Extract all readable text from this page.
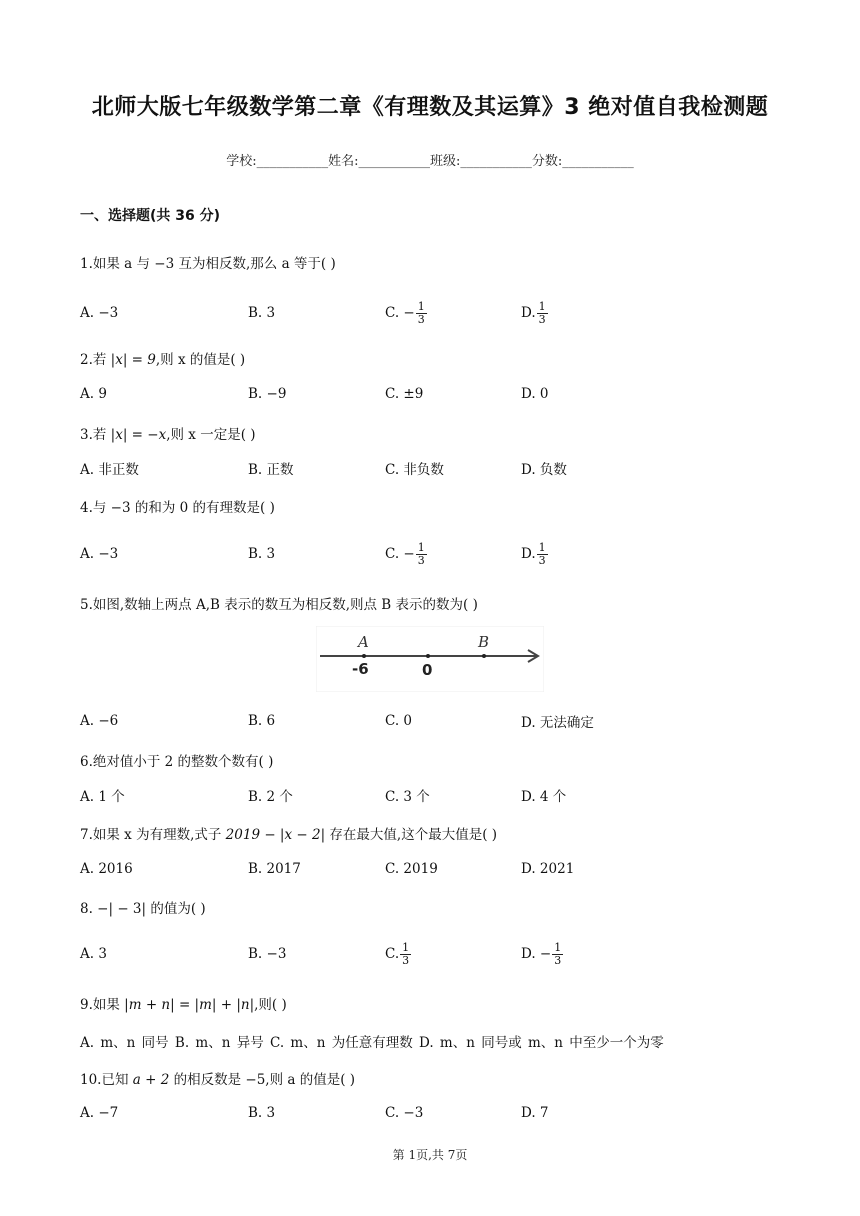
北师大版七年级数学第二章《有理数及其运算》3 绝对值自我检测题
学校:___________姓名:___________班级:___________分数:___________
一、选择题(共 36 分)
1.如果 a 与 −3 互为相反数,那么 a 等于( )
A. −3	B. 3	C. − $\frac{1}{3}$	D. $\frac{1}{3}$
2.若 |x| = 9,则 x 的值是( )
A. 9	B. −9	C. ±9	D. 0
3.若 |x| = −x,则 x 一定是( )
A. 非正数	B. 正数	C. 非负数	D. 负数
4.与 −3 的和为 0 的有理数是( )
A. −3	B. 3	C. − $\frac{1}{3}$	D. $\frac{1}{3}$
5.如图,数轴上两点 A,B 表示的数互为相反数,则点 B 表示的数为( )
A	B
-6	0
A. −6	B. 6	C. 0	D. 无法确定
6.绝对值小于 2 的整数个数有( )
A. 1 个	B. 2 个	C. 3 个	D. 4 个
7.如果 x 为有理数,式子 2019 − |x − 2| 存在最大值,这个最大值是( )
A. 2016	B. 2017	C. 2019	D. 2021
8. −| − 3| 的值为( )
A. 3	B. −3	C. $\frac{1}{3}$	D. − $\frac{1}{3}$
9.如果 |m + n| = |m| + |n|,则( )
A. m、n 同号 B. m、n 异号 C. m、n 为任意有理数 D. m、n 同号或 m、n 中至少一个为零
10.已知 a + 2 的相反数是 −5,则 a 的值是( )
A. −7	B. 3	C. −3	D. 7
第 1页,共 7页
